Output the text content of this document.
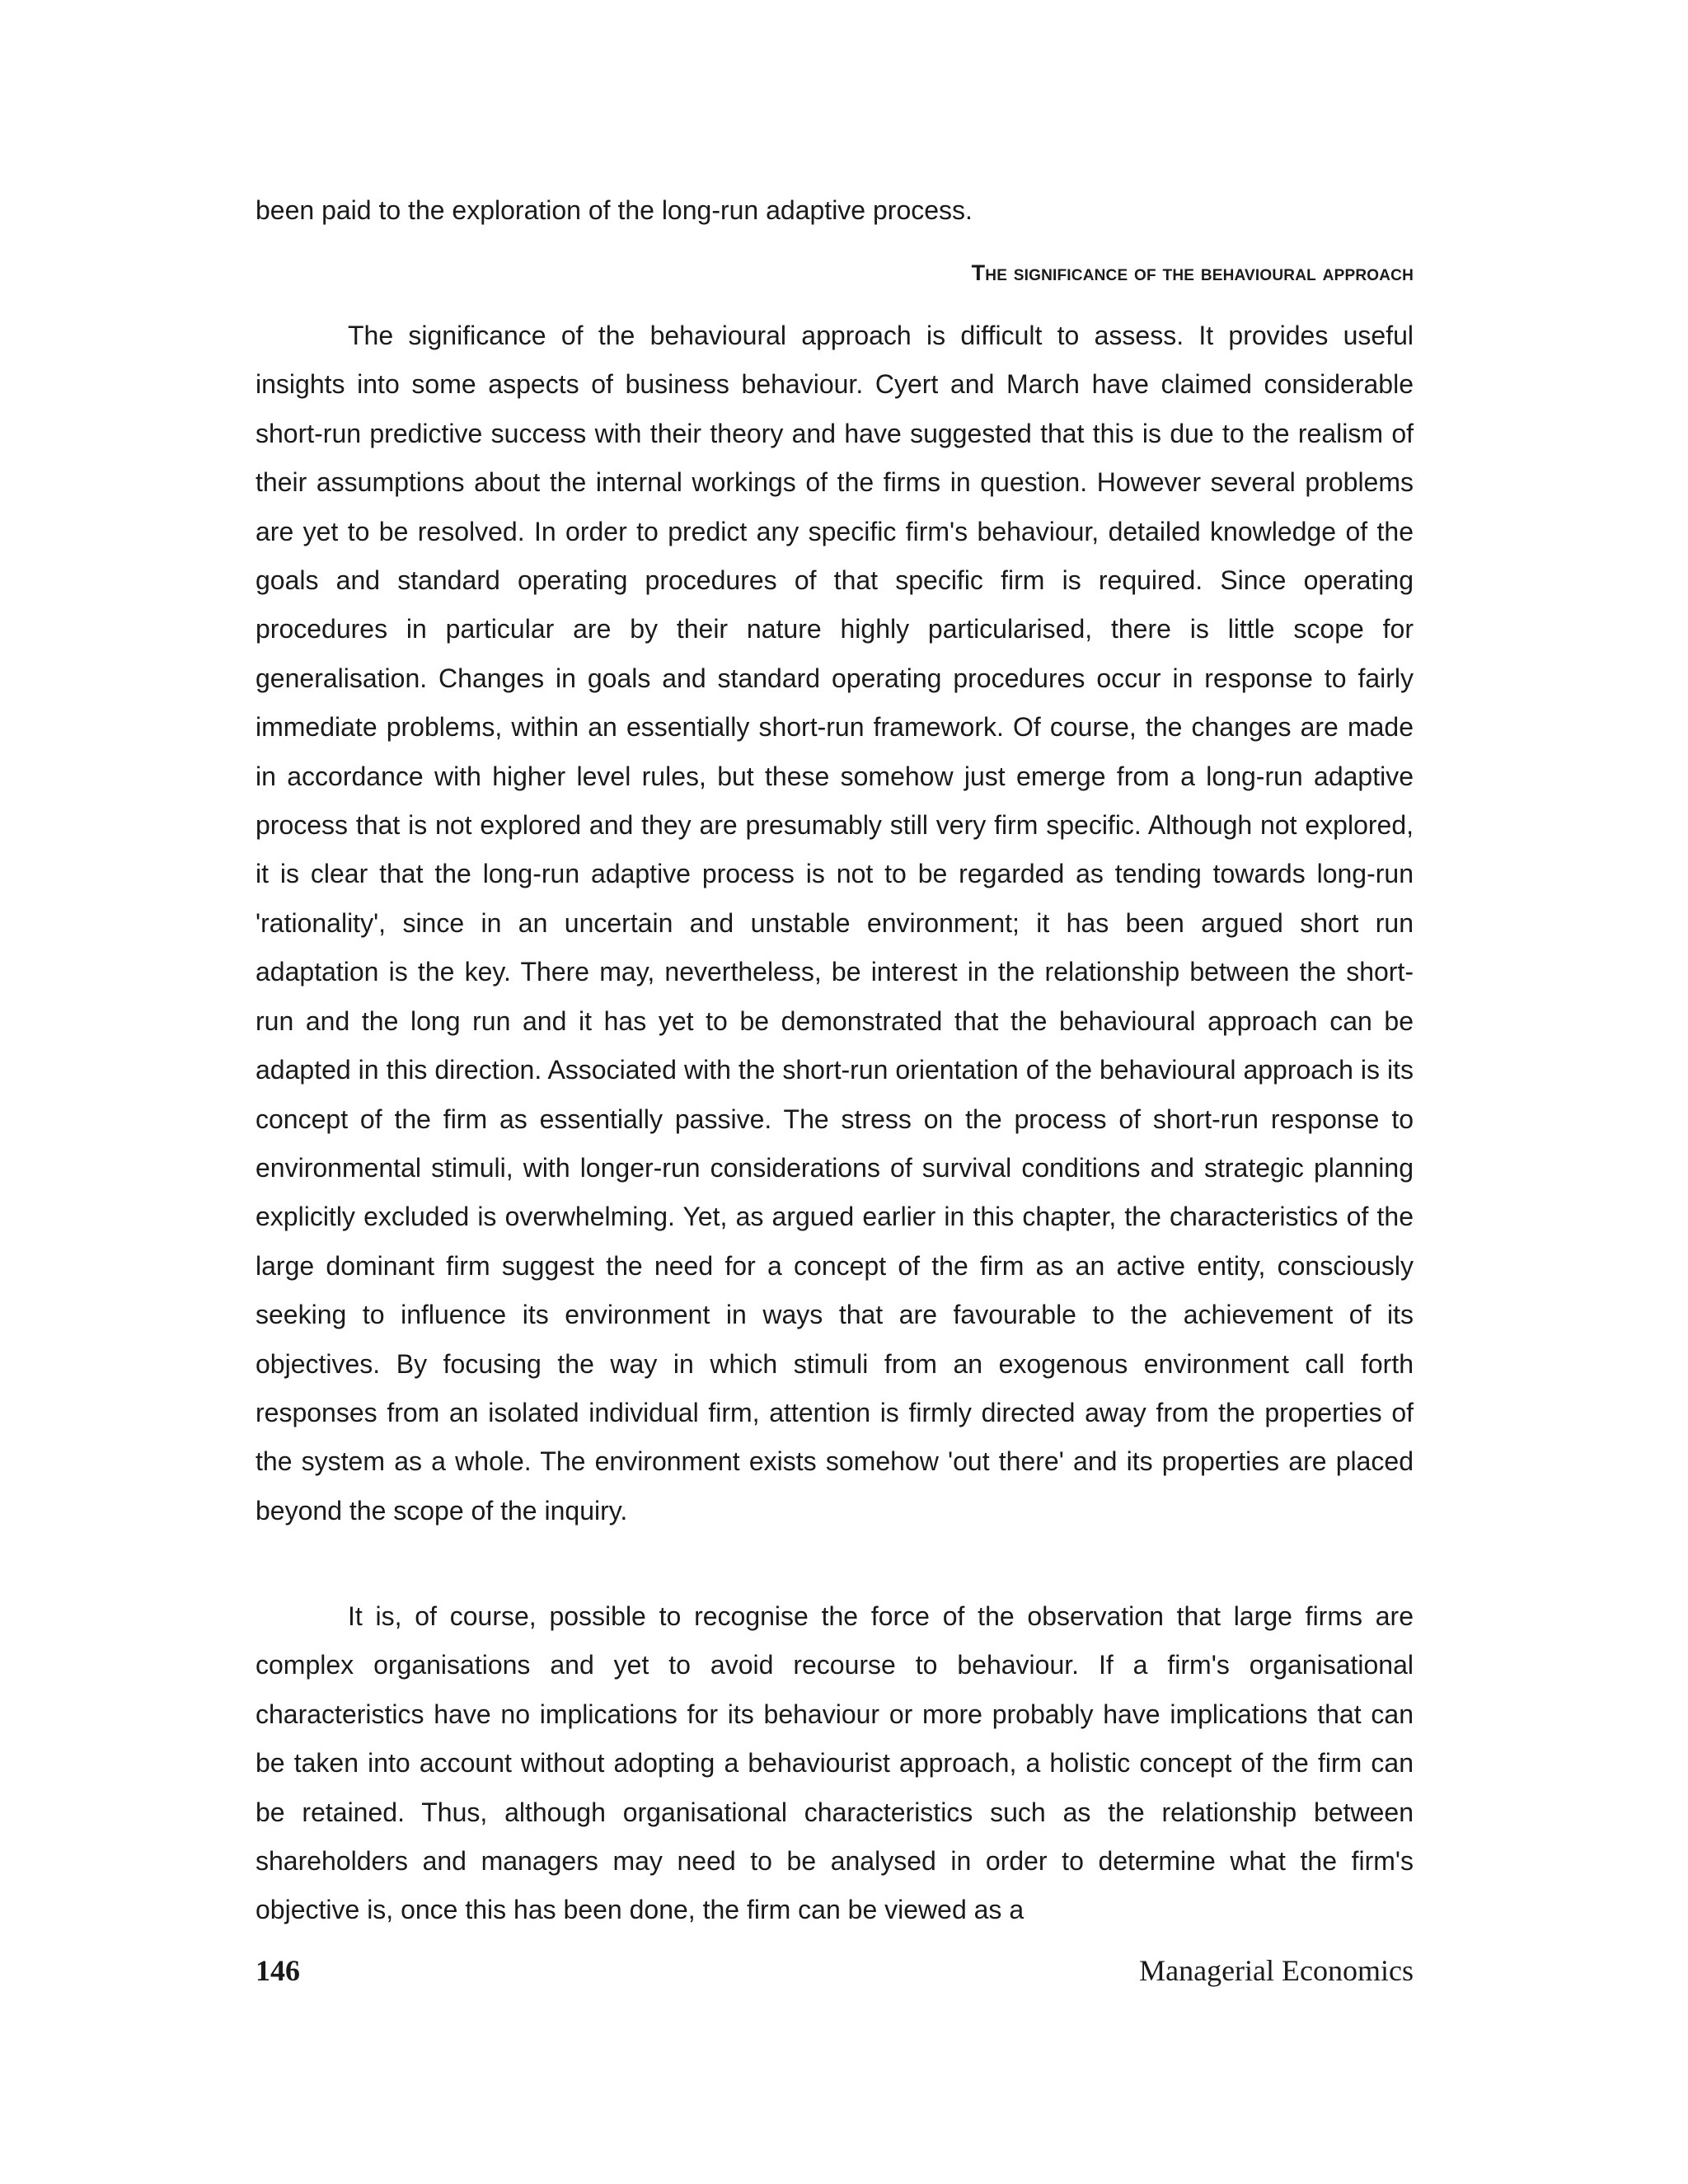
been paid to the exploration of the long-run adaptive process.

The significance of the behavioural approach

The significance of the behavioural approach is difficult to assess. It provides useful insights into some aspects of business behaviour. Cyert and March have claimed considerable short-run predictive success with their theory and have suggested that this is due to the realism of their assumptions about the internal workings of the firms in question. However several problems are yet to be resolved. In order to predict any specific firm's behaviour, detailed knowledge of the goals and standard operating procedures of that specific firm is required. Since operating procedures in particular are by their nature highly particularised, there is little scope for generalisation. Changes in goals and standard operating procedures occur in response to fairly immediate problems, within an essentially short-run framework. Of course, the changes are made in accordance with higher level rules, but these somehow just emerge from a long-run adaptive process that is not explored and they are presumably still very firm specific. Although not explored, it is clear that the long-run adaptive process is not to be regarded as tending towards long-run 'rationality', since in an uncertain and unstable environment; it has been argued short run adaptation is the key. There may, nevertheless, be interest in the relationship between the short-run and the long run and it has yet to be demonstrated that the behavioural approach can be adapted in this direction. Associated with the short-run orientation of the behavioural approach is its concept of the firm as essentially passive. The stress on the process of short-run response to environmental stimuli, with longer-run considerations of survival conditions and strategic planning explicitly excluded is overwhelming. Yet, as argued earlier in this chapter, the characteristics of the large dominant firm suggest the need for a concept of the firm as an active entity, consciously seeking to influence its environment in ways that are favourable to the achievement of its objectives. By focusing the way in which stimuli from an exogenous environment call forth responses from an isolated individual firm, attention is firmly directed away from the properties of the system as a whole. The environment exists somehow 'out there' and its properties are placed beyond the scope of the inquiry.

It is, of course, possible to recognise the force of the observation that large firms are complex organisations and yet to avoid recourse to behaviour. If a firm's organisational characteristics have no implications for its behaviour or more probably have implications that can be taken into account without adopting a behaviourist approach, a holistic concept of the firm can be retained. Thus, although organisational characteristics such as the relationship between shareholders and managers may need to be analysed in order to determine what the firm's objective is, once this has been done, the firm can be viewed as a

146	Managerial Economics
